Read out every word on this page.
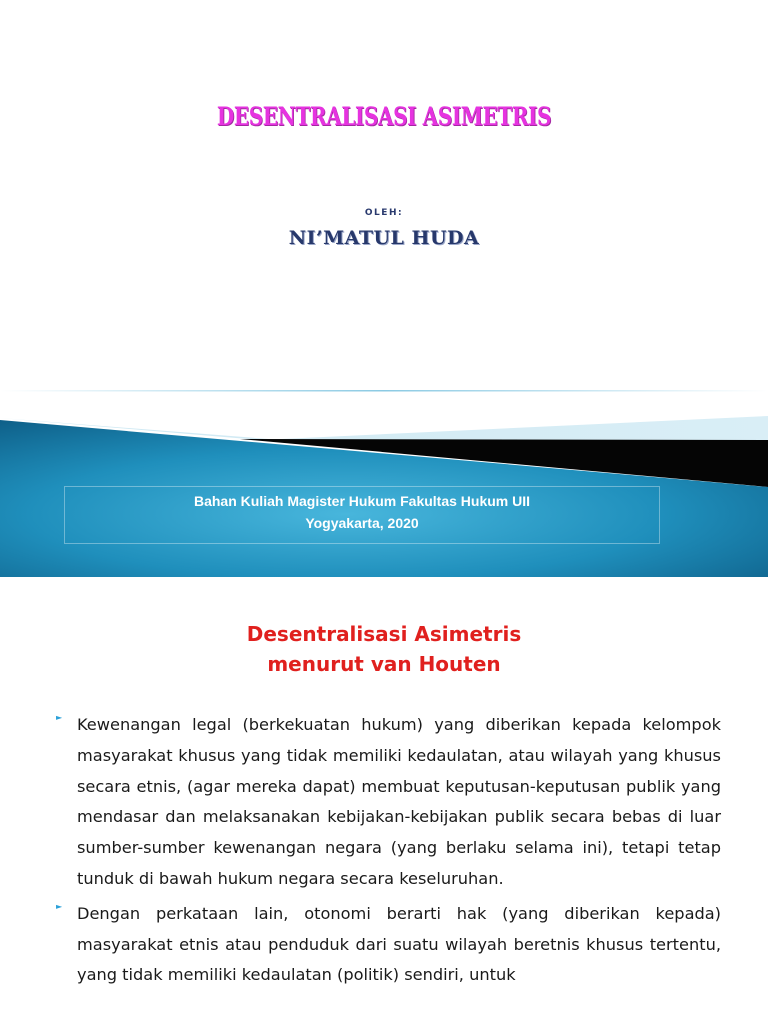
DESENTRALISASI ASIMETRIS
OLEH:
NI’MATUL HUDA
Bahan Kuliah Magister Hukum Fakultas Hukum UII
Yogyakarta, 2020
Desentralisasi Asimetris
menurut van Houten
► Kewenangan legal (berkekuatan hukum) yang diberikan kepada kelompok masyarakat khusus yang tidak memiliki kedaulatan, atau wilayah yang khusus secara etnis, (agar mereka dapat) membuat keputusan-keputusan publik yang mendasar dan melaksanakan kebijakan-kebijakan publik secara bebas di luar sumber-sumber kewenangan negara (yang berlaku selama ini), tetapi tetap tunduk di bawah hukum negara secara keseluruhan.
► Dengan perkataan lain, otonomi berarti hak (yang diberikan kepada) masyarakat etnis atau penduduk dari suatu wilayah beretnis khusus tertentu, yang tidak memiliki kedaulatan (politik) sendiri, untuk
